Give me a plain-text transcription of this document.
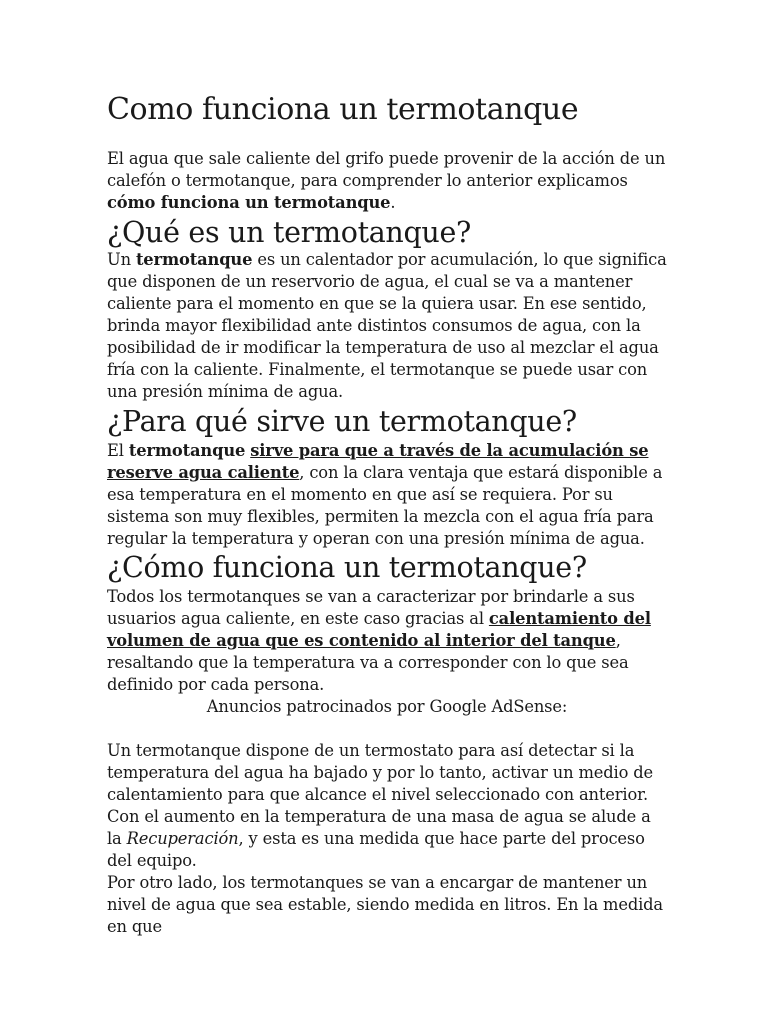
Como funciona un termotanque

El agua que sale caliente del grifo puede provenir de la acción de un calefón o termotanque, para comprender lo anterior explicamos cómo funciona un termotanque.

¿Qué es un termotanque?

Un termotanque es un calentador por acumulación, lo que significa que disponen de un reservorio de agua, el cual se va a mantener caliente para el momento en que se la quiera usar. En ese sentido, brinda mayor flexibilidad ante distintos consumos de agua, con la posibilidad de ir modificar la temperatura de uso al mezclar el agua fría con la caliente. Finalmente, el termotanque se puede usar con una presión mínima de agua.

¿Para qué sirve un termotanque?

El termotanque sirve para que a través de la acumulación se reserve agua caliente, con la clara ventaja que estará disponible a esa temperatura en el momento en que así se requiera. Por su sistema son muy flexibles, permiten la mezcla con el agua fría para regular la temperatura y operan con una presión mínima de agua.

¿Cómo funciona un termotanque?

Todos los termotanques se van a caracterizar por brindarle a sus usuarios agua caliente, en este caso gracias al calentamiento del volumen de agua que es contenido al interior del tanque, resaltando que la temperatura va a corresponder con lo que sea definido por cada persona.

Anuncios patrocinados por Google AdSense:

Un termotanque dispone de un termostato para así detectar si la temperatura del agua ha bajado y por lo tanto, activar un medio de calentamiento para que alcance el nivel seleccionado con anterior. Con el aumento en la temperatura de una masa de agua se alude a la Recuperación, y esta es una medida que hace parte del proceso del equipo.

Por otro lado, los termotanques se van a encargar de mantener un nivel de agua que sea estable, siendo medida en litros. En la medida en que
